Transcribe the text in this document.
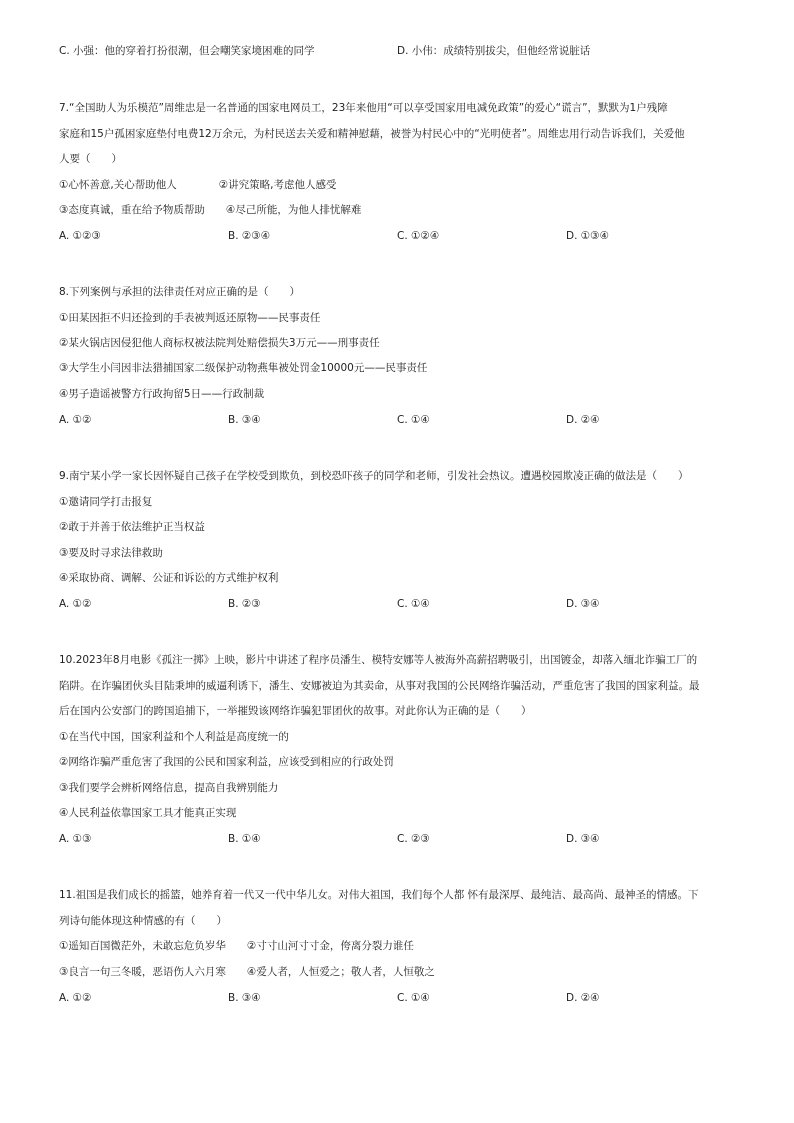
C. 小强：他的穿着打扮很潮，但会嘲笑家境困难的同学	D. 小伟：成绩特别拔尖，但他经常说脏话
7.“全国助人为乐模范”周维忠是一名普通的国家电网员工，23年来他用“可以享受国家用电减免政策”的爱心“谎言”，默默为1户残障
家庭和15户孤困家庭垫付电费12万余元，为村民送去关爱和精神慰藉，被誉为村民心中的“光明使者”。周维忠用行动告诉我们，关爱他
人要（　　）
①心怀善意,关心帮助他人　　　　②讲究策略,考虑他人感受
③态度真诚，重在给予物质帮助　　④尽己所能，为他人排忧解难
A. ①②③	B. ②③④	C. ①②④	D. ①③④
8.下列案例与承担的法律责任对应正确的是（　　）
①田某因拒不归还捡到的手表被判返还原物——民事责任
②某火锅店因侵犯他人商标权被法院判处赔偿损失3万元——刑事责任
③大学生小闫因非法猎捕国家二级保护动物燕隼被处罚金10000元——民事责任
④男子造谣被警方行政拘留5日——行政制裁
A. ①②	B. ③④	C. ①④	D. ②④
9.南宁某小学一家长因怀疑自己孩子在学校受到欺负，到校恐吓孩子的同学和老师，引发社会热议。遭遇校园欺凌正确的做法是（　　）
①邀请同学打击报复
②敢于并善于依法维护正当权益
③要及时寻求法律救助
④采取协商、调解、公证和诉讼的方式维护权利
A. ①②	B. ②③	C. ①④	D. ③④
10.2023年8月电影《孤注一掷》上映，影片中讲述了程序员潘生、模特安娜等人被海外高薪招聘吸引，出国镀金，却落入缅北诈骗工厂的
陷阱。在诈骗团伙头目陆秉坤的威逼利诱下，潘生、安娜被迫为其卖命，从事对我国的公民网络诈骗活动，严重危害了我国的国家利益。最
后在国内公安部门的跨国追捕下，一举摧毁该网络诈骗犯罪团伙的故事。对此你认为正确的是（　　）
①在当代中国，国家利益和个人利益是高度统一的
②网络诈骗严重危害了我国的公民和国家利益，应该受到相应的行政处罚
③我们要学会辨析网络信息，提高自我辨别能力
④人民利益依靠国家工具才能真正实现
A. ①③	B. ①④	C. ②③	D. ③④
11.祖国是我们成长的摇篮，她养育着一代又一代中华儿女。对伟大祖国，我们每个人都 怀有最深厚、最纯洁、最高尚、最神圣的情感。下
列诗句能体现这种情感的有（　　）
①遥知百国微茫外，未敢忘危负岁华　　②寸寸山河寸寸金，侉离分裂力谁任
③良言一句三冬暖，恶语伤人六月寒　　④爱人者，人恒爱之；敬人者，人恒敬之
A. ①②	B. ③④	C. ①④	D. ②④
